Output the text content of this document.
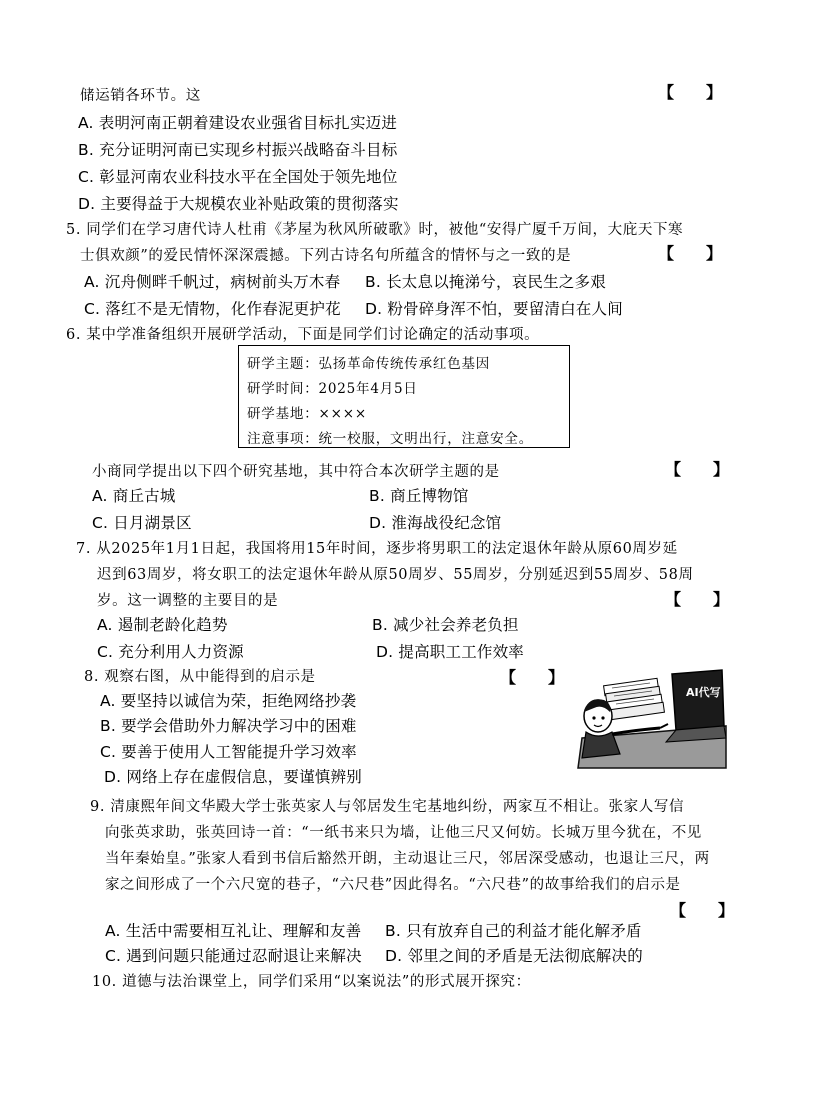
储运销各环节。这	【　　】
A. 表明河南正朝着建设农业强省目标扎实迈进
B. 充分证明河南已实现乡村振兴战略奋斗目标
C. 彰显河南农业科技水平在全国处于领先地位
D. 主要得益于大规模农业补贴政策的贯彻落实
5. 同学们在学习唐代诗人杜甫《茅屋为秋风所破歌》时，被他“安得广厦千万间，大庇天下寒
士俱欢颜”的爱民情怀深深震撼。下列古诗名句所蕴含的情怀与之一致的是	【　　】
A. 沉舟侧畔千帆过，病树前头万木春 B. 长太息以掩涕兮，哀民生之多艰
C. 落红不是无情物，化作春泥更护花 D. 粉骨碎身浑不怕，要留清白在人间
6. 某中学准备组织开展研学活动，下面是同学们讨论确定的活动事项。
研学主题：弘扬革命传统传承红色基因
研学时间：2025年4月5日
研学基地：××××
注意事项：统一校服，文明出行，注意安全。
小商同学提出以下四个研究基地，其中符合本次研学主题的是	【　　】
A. 商丘古城	B. 商丘博物馆
C. 日月湖景区	D. 淮海战役纪念馆
7. 从2025年1月1日起，我国将用15年时间，逐步将男职工的法定退休年龄从原60周岁延
迟到63周岁，将女职工的法定退休年龄从原50周岁、55周岁，分别延迟到55周岁、58周
岁。这一调整的主要目的是	【　　】
A. 遏制老龄化趋势	B. 减少社会养老负担
C. 充分利用人力资源	D. 提高职工工作效率
8. 观察右图，从中能得到的启示是	【　　】
A. 要坚持以诚信为荣，拒绝网络抄袭
B. 要学会借助外力解决学习中的困难
C. 要善于使用人工智能提升学习效率
D. 网络上存在虚假信息，要谨慎辨别
AI代写
9. 清康熙年间文华殿大学士张英家人与邻居发生宅基地纠纷，两家互不相让。张家人写信
向张英求助，张英回诗一首：“一纸书来只为墙，让他三尺又何妨。长城万里今犹在，不见
当年秦始皇。”张家人看到书信后豁然开朗，主动退让三尺，邻居深受感动，也退让三尺，两
家之间形成了一个六尺宽的巷子，“六尺巷”因此得名。“六尺巷”的故事给我们的启示是
【　　】
A. 生活中需要相互礼让、理解和友善 B. 只有放弃自己的利益才能化解矛盾
C. 遇到问题只能通过忍耐退让来解决 D. 邻里之间的矛盾是无法彻底解决的
10. 道德与法治课堂上，同学们采用“以案说法”的形式展开探究：
